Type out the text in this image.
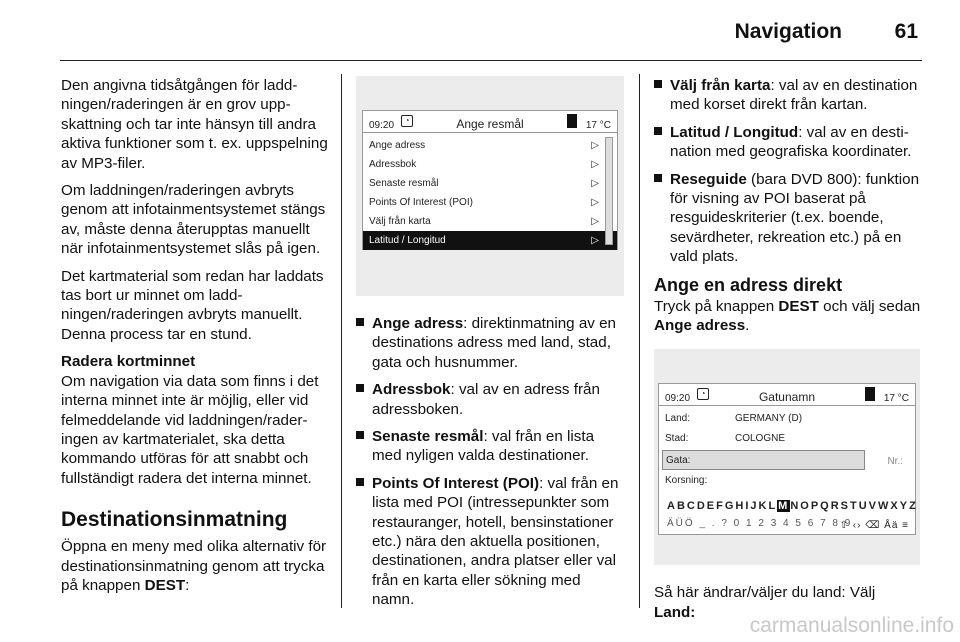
Navigation	61

Den angivna tidsåtgången för laddningen/raderingen är en grov uppskattning och tar inte hänsyn till andra aktiva funktioner som t. ex. uppspelning av MP3-filer.

Om laddningen/raderingen avbryts genom att infotainmentsystemet stängs av, måste denna återupptas manuellt när infotainmentsystemet slås på igen.

Det kartmaterial som redan har laddats tas bort ur minnet om laddningen/raderingen avbryts manuellt. Denna process tar en stund.

Radera kortminnet

Om navigation via data som finns i det interna minnet inte är möjlig, eller vid felmeddelande vid laddningen/raderingen av kartmaterialet, ska detta kommando utföras för att snabbt och fullständigt radera det interna minnet.

Destinationsinmatning

Öppna en meny med olika alternativ för destinationsinmatning genom att trycka på knappen DEST:

09:20	◔	Ange resmål	17 °C
Ange adress	▷
Adressbok	▷
Senaste resmål	▷
Points Of Interest (POI)	▷
Välj från karta	▷
Latitud / Longitud	▷
Ange adress: direktinmatning av en destinations adress med land, stad, gata och husnummer.
Adressbok: val av en adress från adressboken.
Senaste resmål: val från en lista med nyligen valda destinationer.
Points Of Interest (POI): val från en lista med POI (intressepunkter som restauranger, hotell, bensinstationer etc.) nära den aktuella positionen, destinationen, andra platser eller val från en karta eller sökning med namn.
Välj från karta: val av en destination med korset direkt från kartan.
Latitud / Longitud: val av en destination med geografiska koordinater.
Reseguide (bara DVD 800): funktion för visning av POI baserat på resguideskriterier (t.ex. boende, sevärdheter, rekreation etc.) på en vald plats.
Ange en adress direkt

Tryck på knappen DEST och välj sedan Ange adress.

09:20	◔	Gatunamn	17 °C
Land:	GERMANY (D)
Stad:	COLOGNE
Gata:	Nr.:
Korsning:
ABCDEFGHIJKLMNOPQRSTUVWXYZ
ÄÜÖ _ . ? 0 1 2 3 4 5 6 7 8 9
⇧ ‹› ⌫ Åä ≡

Så här ändrar/väljer du land: Välj
Land:

carmanualsonline.info
